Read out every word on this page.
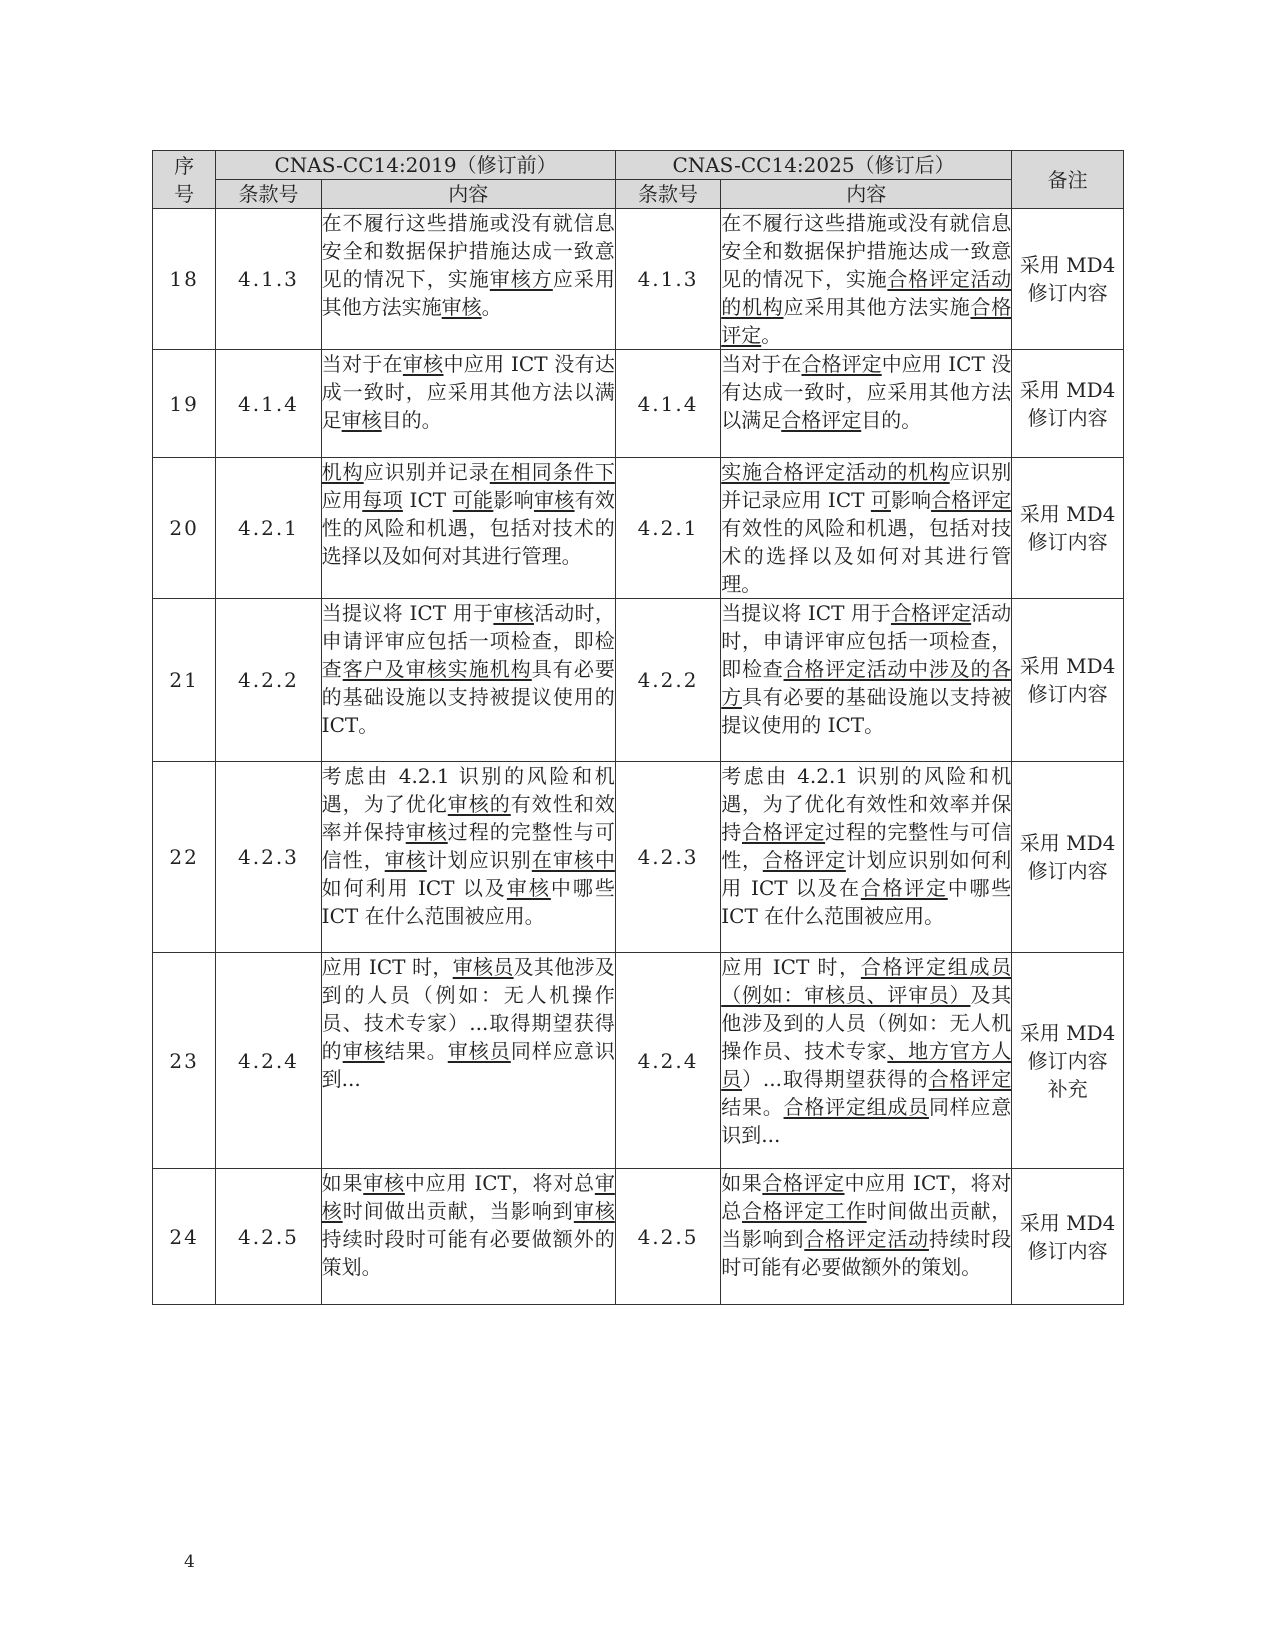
序号	CNAS-CC14:2019（修订前）		CNAS-CC14:2025（修订后）		备注
	条款号	内容	条款号	内容	
18	4.1.3	在不履行这些措施或没有就信息安全和数据保护措施达成一致意见的情况下，实施审核方应采用其他方法实施审核。	4.1.3	在不履行这些措施或没有就信息安全和数据保护措施达成一致意见的情况下，实施合格评定活动的机构应采用其他方法实施合格评定。	采用 MD4
修订内容
19	4.1.4	当对于在审核中应用 ICT 没有达成一致时，应采用其他方法以满足审核目的。	4.1.4	当对于在合格评定中应用 ICT 没有达成一致时，应采用其他方法以满足合格评定目的。	采用 MD4
修订内容
20	4.2.1	机构应识别并记录在相同条件下应用每项 ICT 可能影响审核有效性的风险和机遇，包括对技术的选择以及如何对其进行管理。	4.2.1	实施合格评定活动的机构应识别并记录应用 ICT 可影响合格评定有效性的风险和机遇，包括对技术的选择以及如何对其进行管理。	采用 MD4
修订内容
21	4.2.2	当提议将 ICT 用于审核活动时，申请评审应包括一项检查，即检查客户及审核实施机构具有必要的基础设施以支持被提议使用的 ICT。	4.2.2	当提议将 ICT 用于合格评定活动时，申请评审应包括一项检查，即检查合格评定活动中涉及的各方具有必要的基础设施以支持被提议使用的 ICT。	采用 MD4
修订内容
22	4.2.3	考虑由 4.2.1 识别的风险和机遇，为了优化审核的有效性和效率并保持审核过程的完整性与可信性，审核计划应识别在审核中如何利用 ICT 以及审核中哪些 ICT 在什么范围被应用。	4.2.3	考虑由 4.2.1 识别的风险和机遇，为了优化有效性和效率并保持合格评定过程的完整性与可信性，合格评定计划应识别如何利用 ICT 以及在合格评定中哪些 ICT 在什么范围被应用。	采用 MD4
修订内容
23	4.2.4	应用 ICT 时，审核员及其他涉及到的人员（例如：无人机操作员、技术专家）...取得期望获得的审核结果。审核员同样应意识到...	4.2.4	应用 ICT 时，合格评定组成员（例如：审核员、评审员）及其他涉及到的人员（例如：无人机操作员、技术专家、地方官方人员）...取得期望获得的合格评定结果。合格评定组成员同样应意识到...	采用 MD4
修订内容
补充
24	4.2.5	如果审核中应用 ICT，将对总审核时间做出贡献，当影响到审核持续时段时可能有必要做额外的策划。	4.2.5	如果合格评定中应用 ICT，将对总合格评定工作时间做出贡献，当影响到合格评定活动持续时段时可能有必要做额外的策划。	采用 MD4
修订内容
4
